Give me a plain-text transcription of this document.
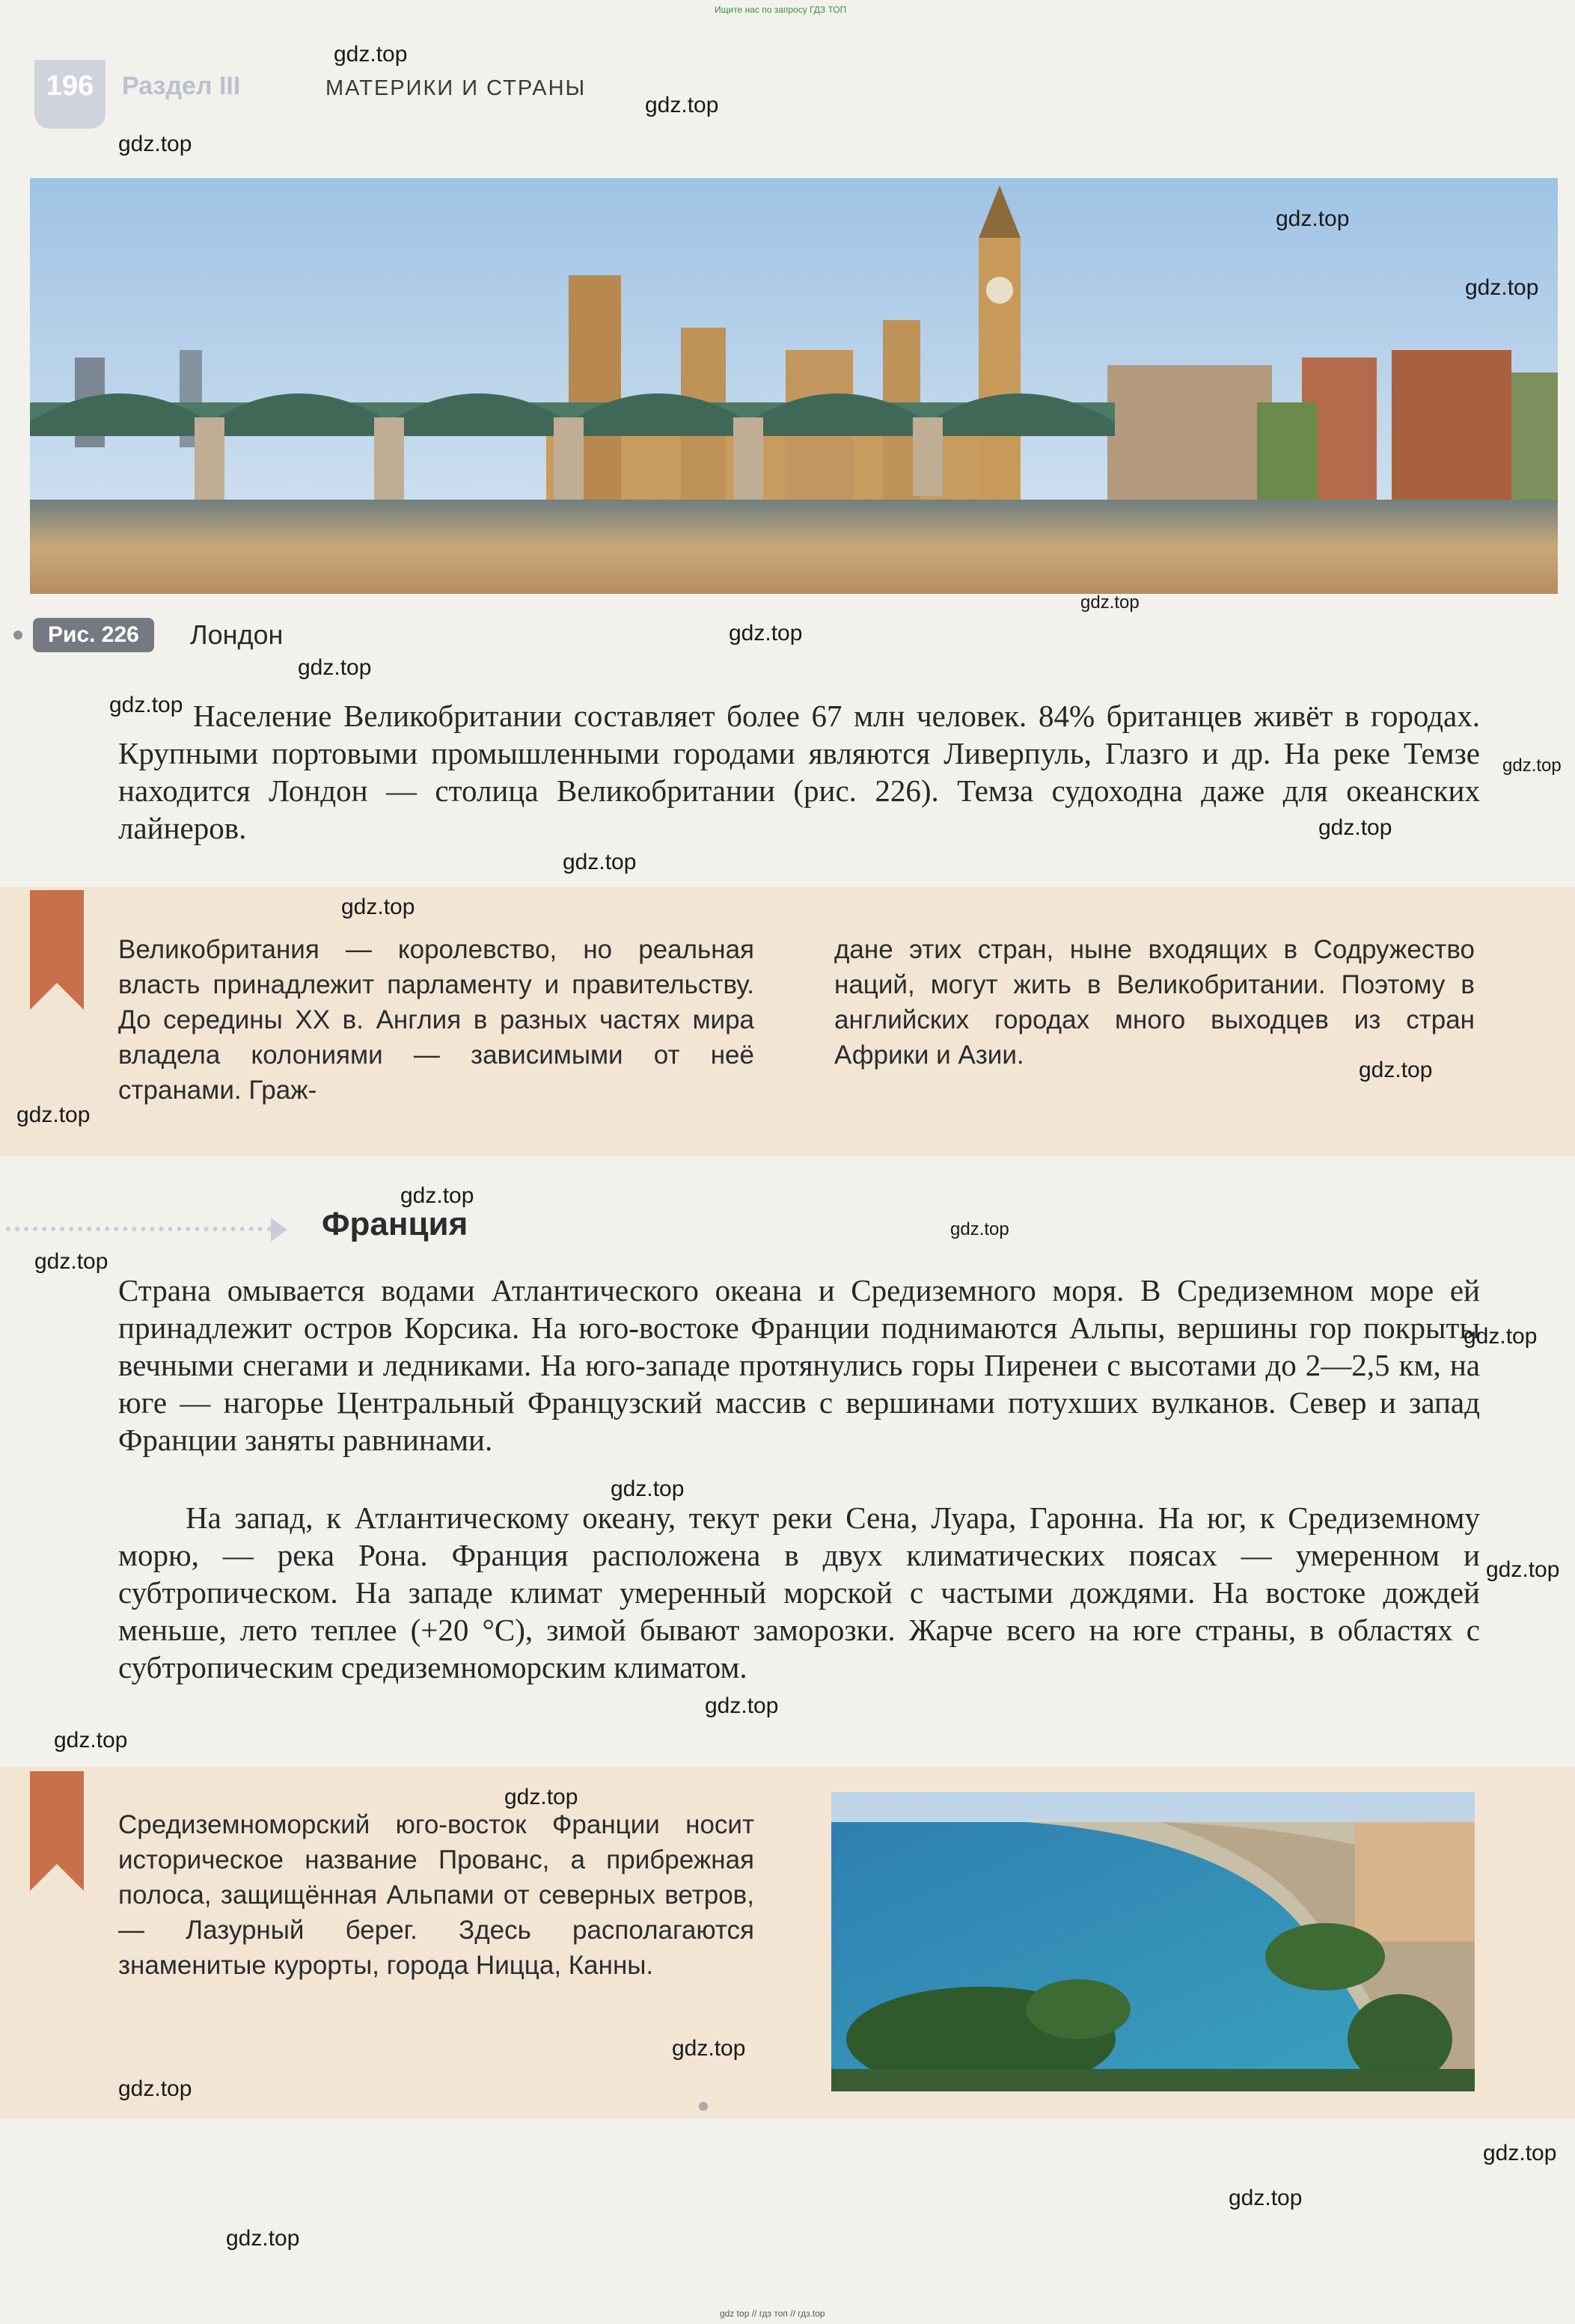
Ищите нас по запросу ГДЗ ТОП
196	Раздел III	МАТЕРИКИ И СТРАНЫ
Рис. 226	Лондон

Население Великобритании составляет более 67 млн человек. 84% британцев живёт в городах. Крупными портовыми промышленными городами являются Ливерпуль, Глазго и др. На реке Темзе находится Лондон — столица Великобритании (рис. 226). Темза судоходна даже для океанских лайнеров.

Великобритания — королевство, но реальная власть принадлежит парламенту и правительству. До середины XX в. Англия в разных частях мира владела колониями — зависимыми от неё странами. Граж-

дане этих стран, ныне входящих в Содружество наций, могут жить в Великобритании. Поэтому в английских городах много выходцев из стран Африки и Азии.

Франция

Страна омывается водами Атлантического океана и Средиземного моря. В Средиземном море ей принадлежит остров Корсика. На юго-востоке Франции поднимаются Альпы, вершины гор покрыты вечными снегами и ледниками. На юго-западе протянулись горы Пиренеи с высотами до 2—2,5 км, на юге — нагорье Центральный Французский массив с вершинами потухших вулканов. Север и запад Франции заняты равнинами.

На запад, к Атлантическому океану, текут реки Сена, Луара, Гаронна. На юг, к Средиземному морю, — река Рона. Франция расположена в двух климатических поясах — умеренном и субтропическом. На западе климат умеренный морской с частыми дождями. На востоке дождей меньше, лето теплее (+20 °С), зимой бывают заморозки. Жарче всего на юге страны, в областях с субтропическим средиземноморским климатом.

Средиземноморский юго-восток Франции носит историческое название Прованс, а прибрежная полоса, защищённая Альпами от северных ветров, — Лазурный берег. Здесь располагаются знаменитые курорты, города Ницца, Канны.

gdz.top
gdz.top
gdz.top
gdz.top
gdz.top
gdz.top
gdz.top
gdz.top
gdz.top
gdz.top
gdz.top
gdz.top
gdz.top
gdz.top
gdz.top
gdz.top
gdz.top
gdz.top
gdz.top
gdz.top
gdz.top
gdz.top
gdz.top
gdz.top
gdz.top
gdz.top
gdz.top
gdz.top
gdz.top
gdz top // гдз топ // гдз.top
